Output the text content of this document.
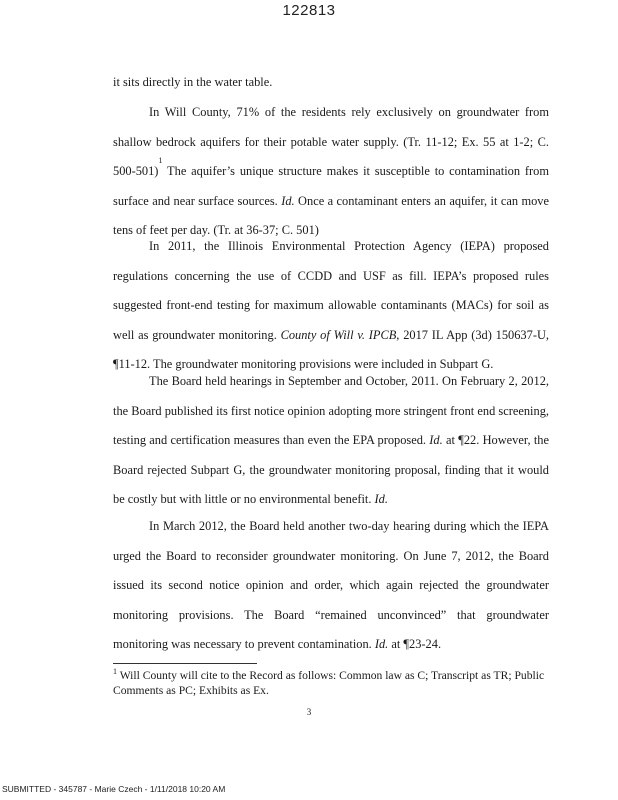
122813

it sits directly in the water table.

In Will County, 71% of the residents rely exclusively on groundwater from shallow bedrock aquifers for their potable water supply. (Tr. 11-12; Ex. 55 at 1-2; C. 500-501)$^1$ The aquifer’s unique structure makes it susceptible to contamination from surface and near surface sources. Id. Once a contaminant enters an aquifer, it can move tens of feet per day. (Tr. at 36-37; C. 501)

In 2011, the Illinois Environmental Protection Agency (IEPA) proposed regulations concerning the use of CCDD and USF as fill. IEPA’s proposed rules suggested front-end testing for maximum allowable contaminants (MACs) for soil as well as groundwater monitoring. County of Will v. IPCB, 2017 IL App (3d) 150637-U, ¶11-12. The groundwater monitoring provisions were included in Subpart G.

The Board held hearings in September and October, 2011. On February 2, 2012, the Board published its first notice opinion adopting more stringent front end screening, testing and certification measures than even the EPA proposed. Id. at ¶22. However, the Board rejected Subpart G, the groundwater monitoring proposal, finding that it would be costly but with little or no environmental benefit. Id.

In March 2012, the Board held another two-day hearing during which the IEPA urged the Board to reconsider groundwater monitoring. On June 7, 2012, the Board issued its second notice opinion and order, which again rejected the groundwater monitoring provisions. The Board “remained unconvinced” that groundwater monitoring was necessary to prevent contamination. Id. at ¶23-24.

$^1$ Will County will cite to the Record as follows: Common law as C; Transcript as TR; Public Comments as PC; Exhibits as Ex.
3
SUBMITTED - 345787 - Marie Czech - 1/11/2018 10:20 AM
